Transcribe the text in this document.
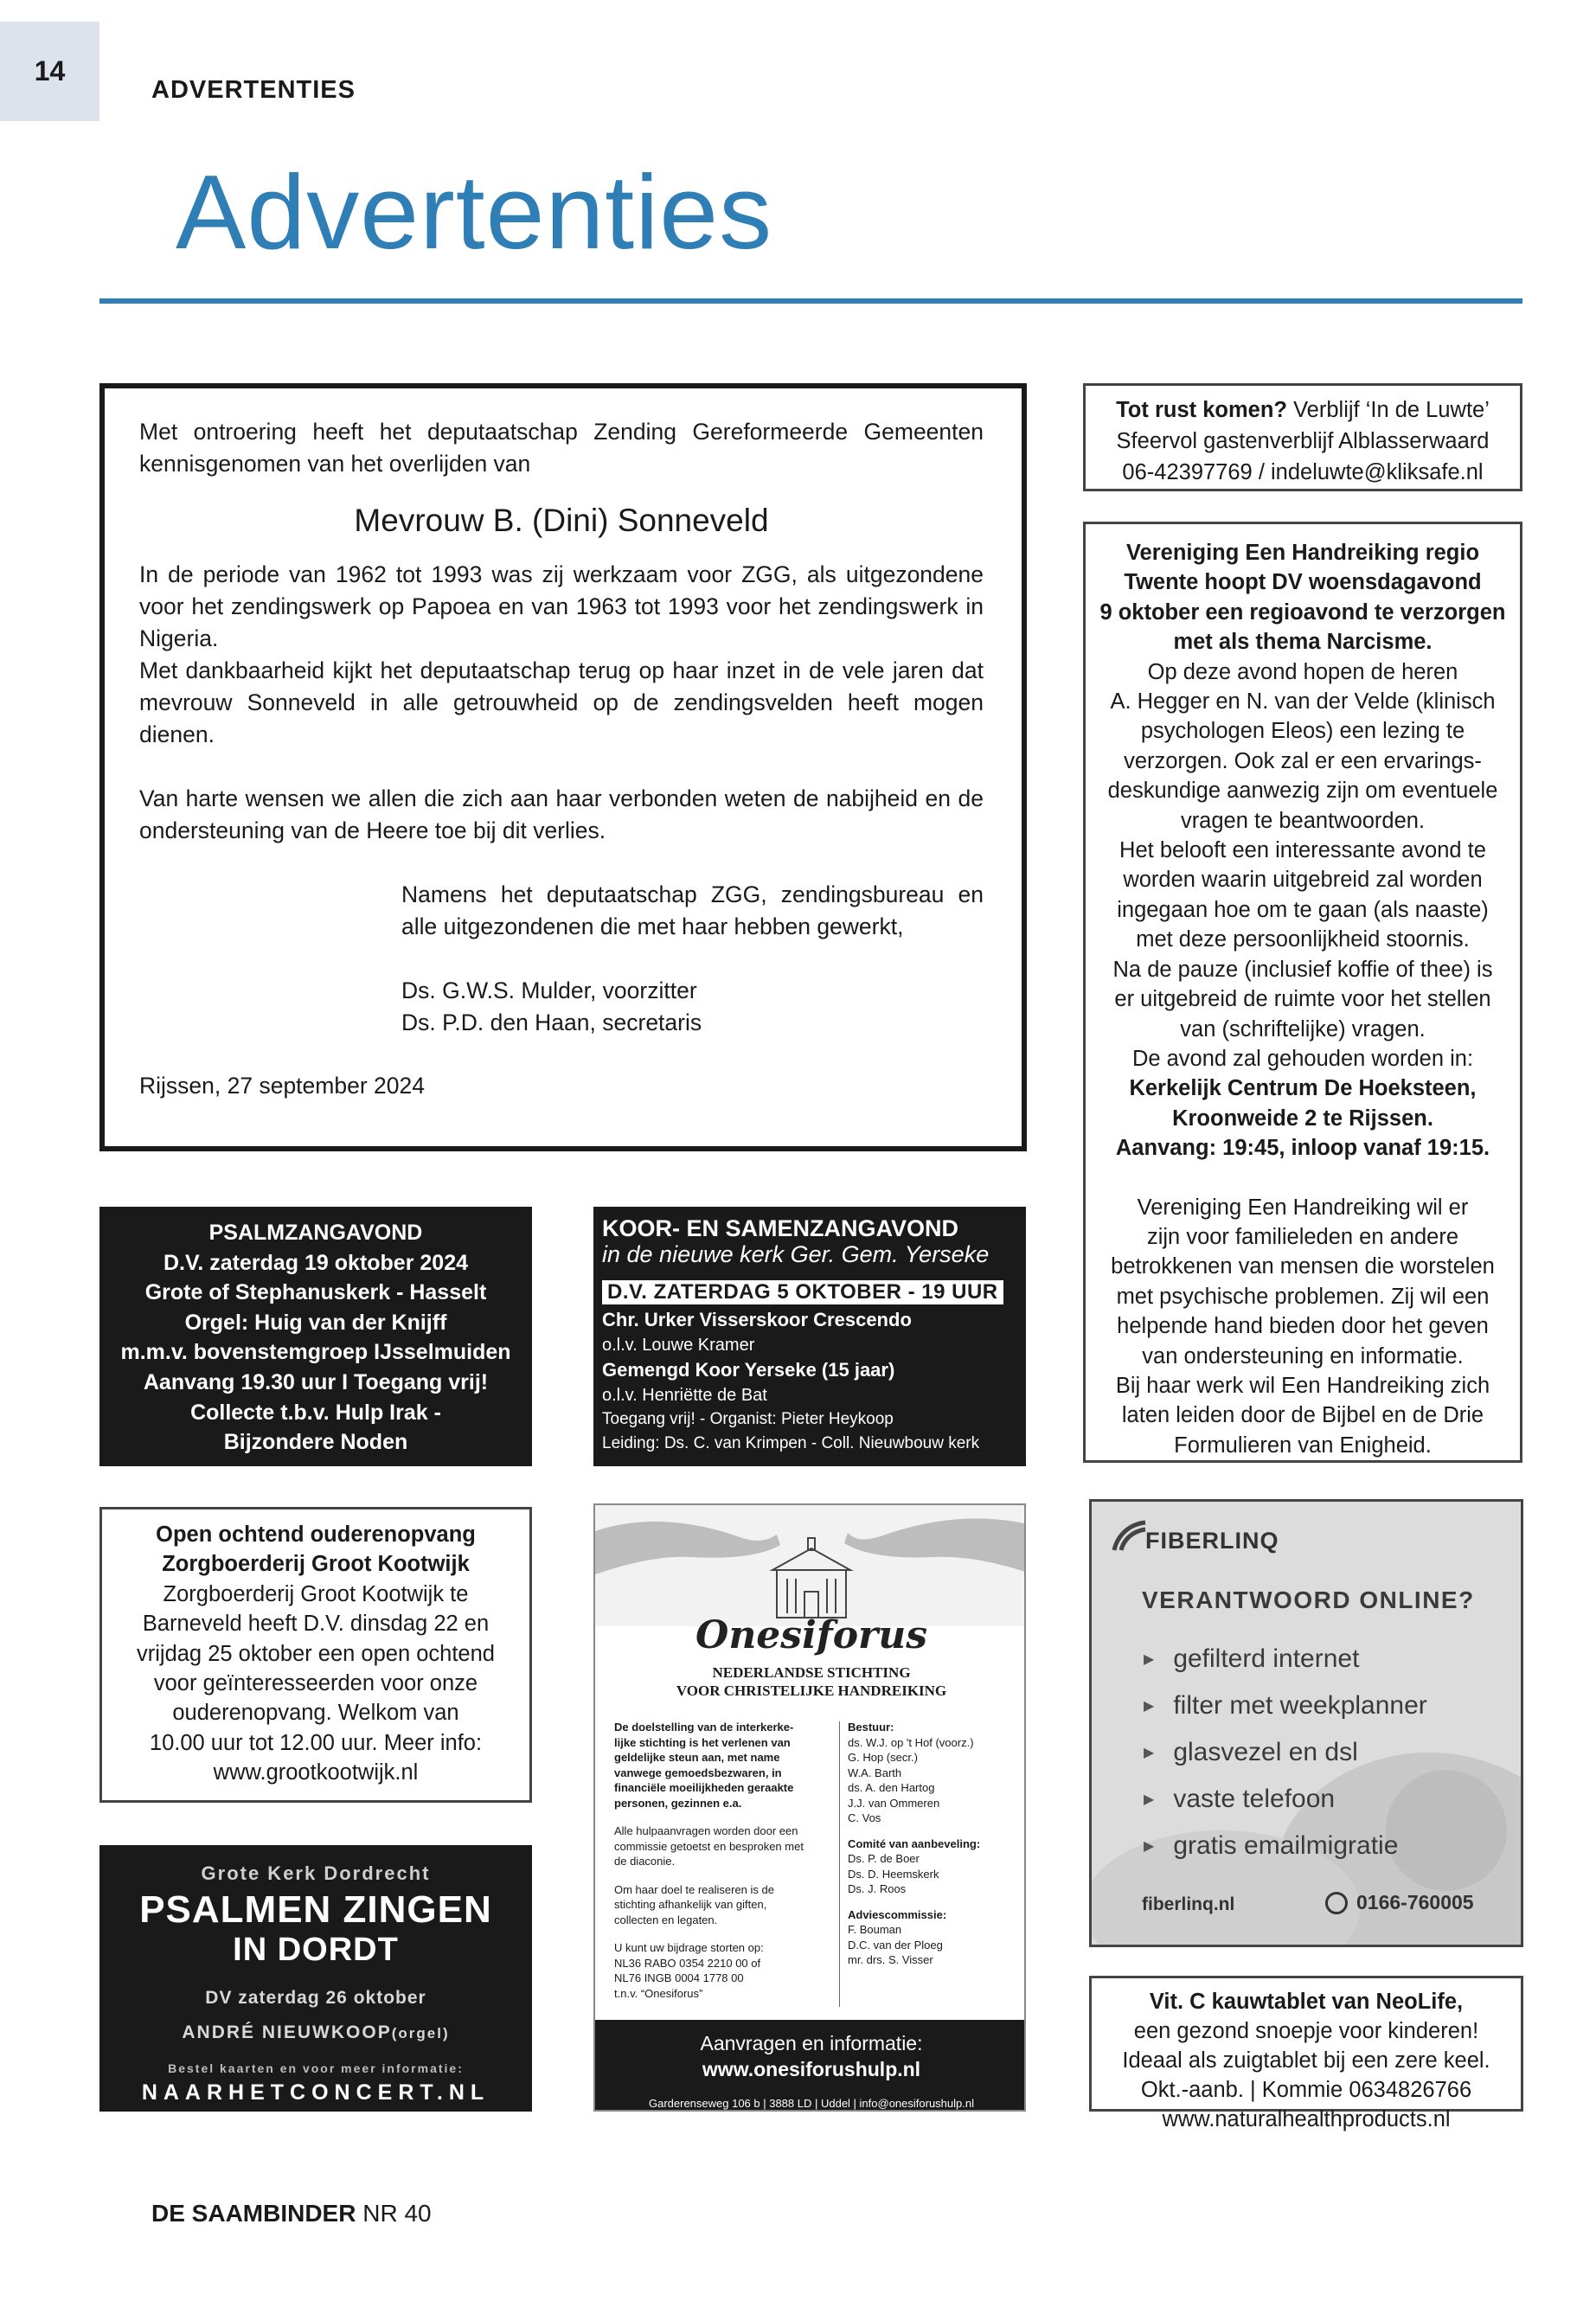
14
ADVERTENTIES
Advertenties

Met ontroering heeft het deputaatschap Zending Gereformeerde Gemeenten kennisgenomen van het overlijden van

Mevrouw B. (Dini) Sonneveld

In de periode van 1962 tot 1993 was zij werkzaam voor ZGG, als uitgezondene voor het zendingswerk op Papoea en van 1963 tot 1993 voor het zendingswerk in Nigeria.

Met dankbaarheid kijkt het deputaatschap terug op haar inzet in de vele jaren dat mevrouw Sonneveld in alle getrouwheid op de zendingsvelden heeft mogen dienen.

Van harte wensen we allen die zich aan haar verbonden weten de nabijheid en de ondersteuning van de Heere toe bij dit verlies.

Namens het deputaatschap ZGG, zendingsbureau en alle uitgezondenen die met haar hebben gewerkt,

Ds. G.W.S. Mulder, voorzitter

Ds. P.D. den Haan, secretaris

Rijssen, 27 september 2024

Tot rust komen? Verblijf ‘In de Luwte’
Sfeervol gastenverblijf Alblasserwaard
06-42397769 / indeluwte@kliksafe.nl
Vereniging Een Handreiking regio
Twente hoopt DV woensdagavond
9 oktober een regioavond te verzorgen
met als thema Narcisme.
Op deze avond hopen de heren
A. Hegger en N. van der Velde (klinisch
psychologen Eleos) een lezing te
verzorgen. Ook zal er een ervarings-
deskundige aanwezig zijn om eventuele
vragen te beantwoorden.
Het belooft een interessante avond te
worden waarin uitgebreid zal worden
ingegaan hoe om te gaan (als naaste)
met deze persoonlijkheid stoornis.
Na de pauze (inclusief koffie of thee) is
er uitgebreid de ruimte voor het stellen
van (schriftelijke) vragen.
De avond zal gehouden worden in:
Kerkelijk Centrum De Hoeksteen,
Kroonweide 2 te Rijssen.
Aanvang: 19:45, inloop vanaf 19:15.
Vereniging Een Handreiking wil er
zijn voor familieleden en andere
betrokkenen van mensen die worstelen
met psychische problemen. Zij wil een
helpende hand bieden door het geven
van ondersteuning en informatie.
Bij haar werk wil Een Handreiking zich
laten leiden door de Bijbel en de Drie
Formulieren van Enigheid.
PSALMZANGAVOND
D.V. zaterdag 19 oktober 2024
Grote of Stephanuskerk - Hasselt
Orgel: Huig van der Knijff
m.m.v. bovenstemgroep IJsselmuiden
Aanvang 19.30 uur I Toegang vrij!
Collecte t.b.v. Hulp Irak -
Bijzondere Noden
KOOR- EN SAMENZANGAVOND
in de nieuwe kerk Ger. Gem. Yerseke
D.V. ZATERDAG 5 OKTOBER - 19 UUR
Chr. Urker Visserskoor Crescendo
o.l.v. Louwe Kramer
Gemengd Koor Yerseke (15 jaar)
o.l.v. Henriëtte de Bat
Toegang vrij! - Organist: Pieter Heykoop
Leiding: Ds. C. van Krimpen - Coll. Nieuwbouw kerk
Open ochtend ouderenopvang
Zorgboerderij Groot Kootwijk
Zorgboerderij Groot Kootwijk te
Barneveld heeft D.V. dinsdag 22 en
vrijdag 25 oktober een open ochtend
voor geïnteresseerden voor onze
ouderenopvang. Welkom van
10.00 uur tot 12.00 uur. Meer info:
www.grootkootwijk.nl
Onesiforus
NEDERLANDSE STICHTING
VOOR CHRISTELIJKE HANDREIKING
De doelstelling van de interkerke-
lijke stichting is het verlenen van
geldelijke steun aan, met name
vanwege gemoedsbezwaren, in
financiële moeilijkheden geraakte
personen, gezinnen e.a.
Alle hulpaanvragen worden door een
commissie getoetst en besproken met
de diaconie.
Om haar doel te realiseren is de
stichting afhankelijk van giften,
collecten en legaten.
U kunt uw bijdrage storten op:
NL36 RABO 0354 2210 00 of
NL76 INGB 0004 1778 00
t.n.v. “Onesiforus”
Bestuur:
ds. W.J. op 't Hof (voorz.)
G. Hop (secr.)
W.A. Barth
ds. A. den Hartog
J.J. van Ommeren
C. Vos
Comité van aanbeveling:
Ds. P. de Boer
Ds. D. Heemskerk
Ds. J. Roos
Adviescommissie:
F. Bouman
D.C. van der Ploeg
mr. drs. S. Visser
Aanvragen en informatie:
www.onesiforushulp.nl
Garderenseweg 106 b | 3888 LD | Uddel | info@onesiforushulp.nl
FIBERLINQ
VERANTWOORD ONLINE?
▶ gefilterd internet
▶ filter met weekplanner
▶ glasvezel en dsl
▶ vaste telefoon
▶ gratis emailmigratie
fiberlinq.nl	0166-760005
Grote Kerk Dordrecht
PSALMEN ZINGEN
IN DORDT
DV zaterdag 26 oktober
ANDRÉ NIEUWKOOP(orgel)
Bestel kaarten en voor meer informatie:
NAARHETCONCERT.NL
Vit. C kauwtablet van NeoLife,
een gezond snoepje voor kinderen!
Ideaal als zuigtablet bij een zere keel.
Okt.-aanb. | Kommie 0634826766
www.naturalhealthproducts.nl
DE SAAMBINDER NR 40
